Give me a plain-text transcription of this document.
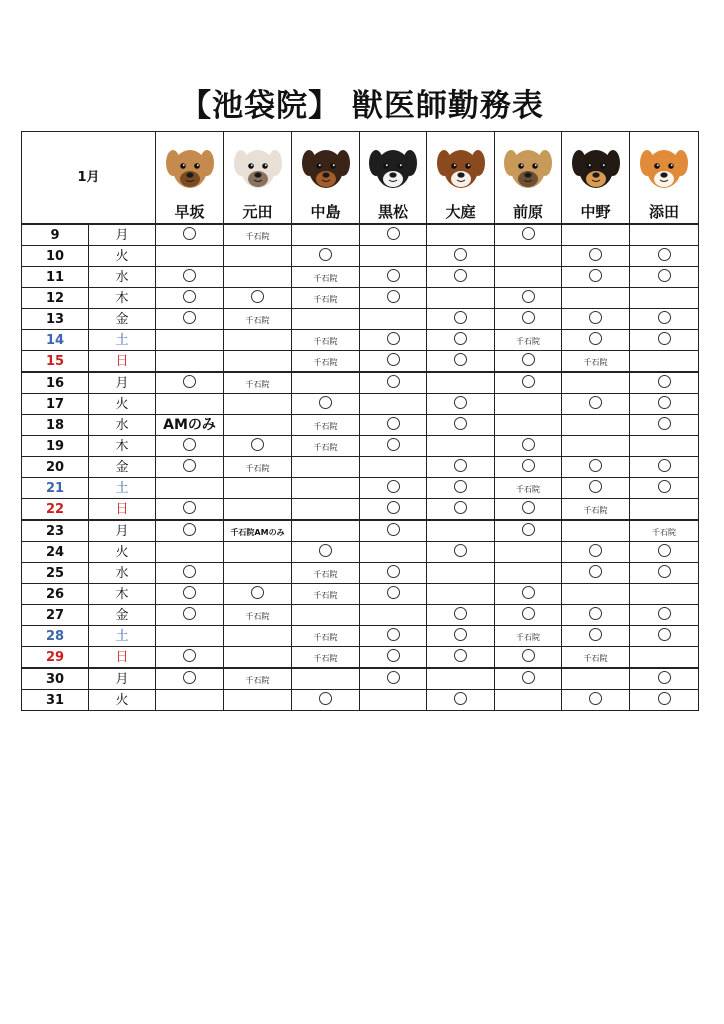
【池袋院】 獣医師勤務表
1月		早坂	元田	中島	黒松	大庭	前原	中野	添田

9	月		千石院						
10	火								
11	水			千石院					
12	木			千石院					
13	金		千石院						
14	土			千石院			千石院		
15	日			千石院				千石院	
16	月		千石院						
17	火								
18	水	AMのみ		千石院					
19	木			千石院					
20	金		千石院						
21	土						千石院		
22	日							千石院	
23	月		千石院AMのみ						千石院
24	火								
25	水			千石院					
26	木			千石院					
27	金		千石院						
28	土			千石院			千石院		
29	日			千石院				千石院	
30	月		千石院						
31	火								
